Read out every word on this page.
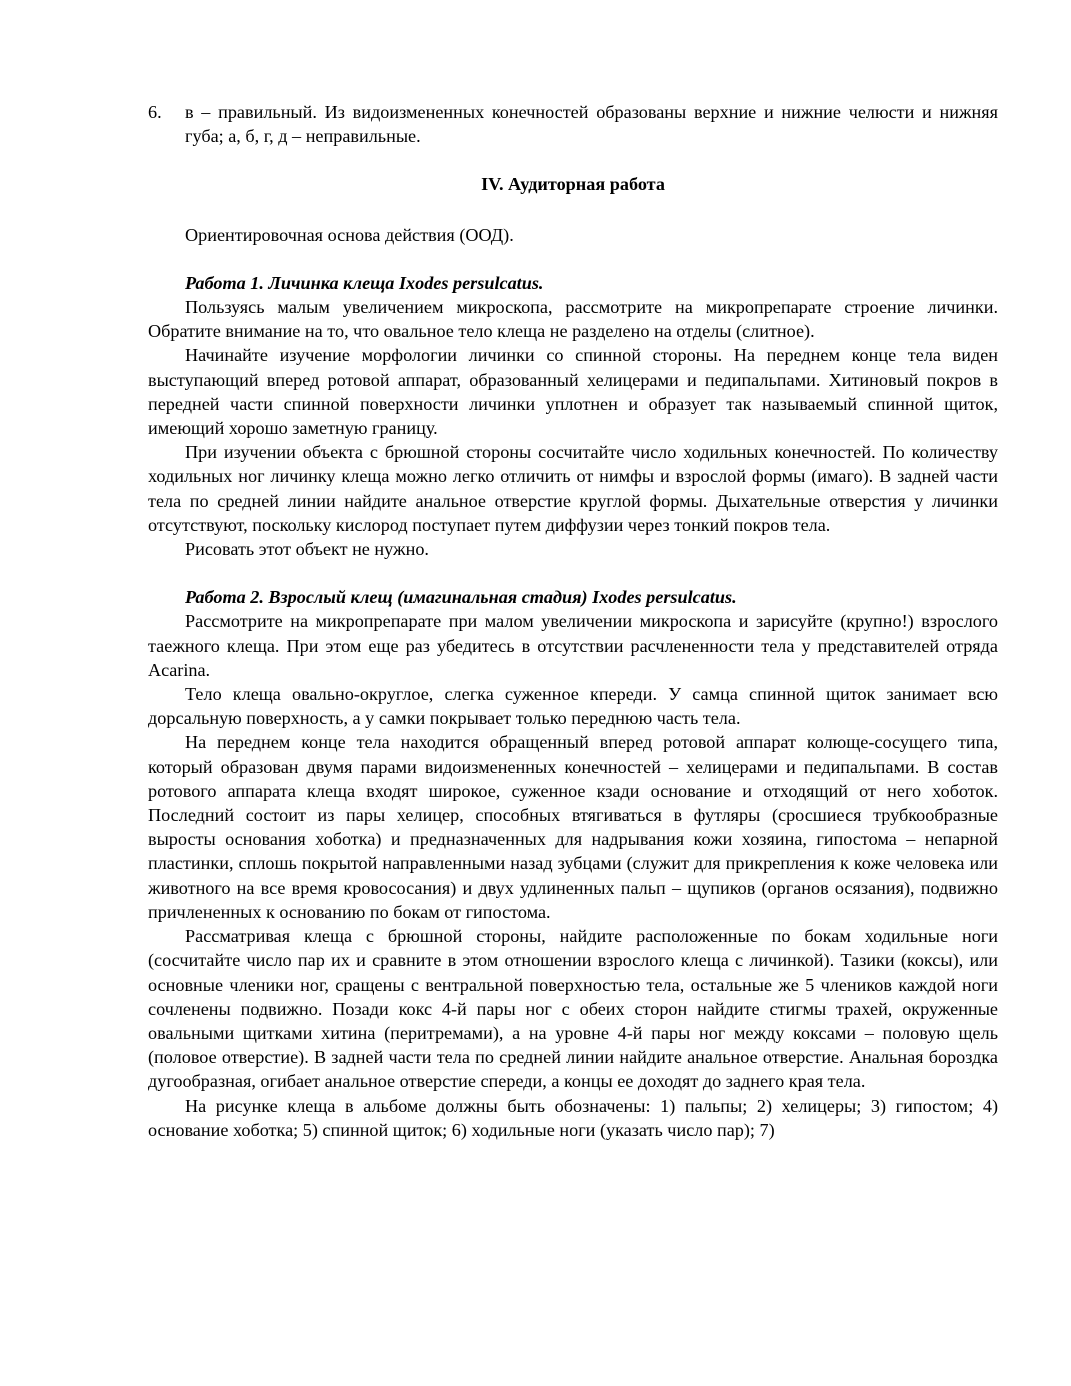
6. в – правильный. Из видоизмененных конечностей образованы верхние и нижние челюсти и нижняя губа; а, б, г, д – неправильные.

IV. Аудиторная работа

Ориентировочная основа действия (ООД).

Работа 1. Личинка клеща Ixodes persulcatus.

Пользуясь малым увеличением микроскопа, рассмотрите на микропрепарате строение личинки. Обратите внимание на то, что овальное тело клеща не разделено на отделы (слитное).

Начинайте изучение морфологии личинки со спинной стороны. На переднем конце тела виден выступающий вперед ротовой аппарат, образованный хелицерами и педипальпами. Хитиновый покров в передней части спинной поверхности личинки уплотнен и образует так называемый спинной щиток, имеющий хорошо заметную границу.

При изучении объекта с брюшной стороны сосчитайте число ходильных конечностей. По количеству ходильных ног личинку клеща можно легко отличить от нимфы и взрослой формы (имаго). В задней части тела по средней линии найдите анальное отверстие круглой формы. Дыхательные отверстия у личинки отсутствуют, поскольку кислород поступает путем диффузии через тонкий покров тела.

Рисовать этот объект не нужно.

Работа 2. Взрослый клещ (имагинальная стадия) Ixodes persulcatus.

Рассмотрите на микропрепарате при малом увеличении микроскопа и зарисуйте (крупно!) взрослого таежного клеща. При этом еще раз убедитесь в отсутствии расчлененности тела у представителей отряда Acarina.

Тело клеща овально-округлое, слегка суженное кпереди. У самца спинной щиток занимает всю дорсальную поверхность, а у самки покрывает только переднюю часть тела.

На переднем конце тела находится обращенный вперед ротовой аппарат колюще-сосущего типа, который образован двумя парами видоизмененных конечностей – хелицерами и педипальпами. В состав ротового аппарата клеща входят широкое, суженное кзади основание и отходящий от него хоботок. Последний состоит из пары хелицер, способных втягиваться в футляры (сросшиеся трубкообразные выросты основания хоботка) и предназначенных для надрывания кожи хозяина, гипостома – непарной пластинки, сплошь покрытой направленными назад зубцами (служит для прикрепления к коже человека или животного на все время кровососания) и двух удлиненных пальп – щупиков (органов осязания), подвижно причлененных к основанию по бокам от гипостома.

Рассматривая клеща с брюшной стороны, найдите расположенные по бокам ходильные ноги (сосчитайте число пар их и сравните в этом отношении взрослого клеща с личинкой). Тазики (коксы), или основные членики ног, сращены с вентральной поверхностью тела, остальные же 5 члеников каждой ноги сочленены подвижно. Позади кокс 4-й пары ног с обеих сторон найдите стигмы трахей, окруженные овальными щитками хитина (перитремами), а на уровне 4-й пары ног между коксами – половую щель (половое отверстие). В задней части тела по средней линии найдите анальное отверстие. Анальная бороздка дугообразная, огибает анальное отверстие спереди, а концы ее доходят до заднего края тела.

На рисунке клеща в альбоме должны быть обозначены: 1) пальпы; 2) хелицеры; 3) гипостом; 4) основание хоботка; 5) спинной щиток; 6) ходильные ноги (указать число пар); 7)
